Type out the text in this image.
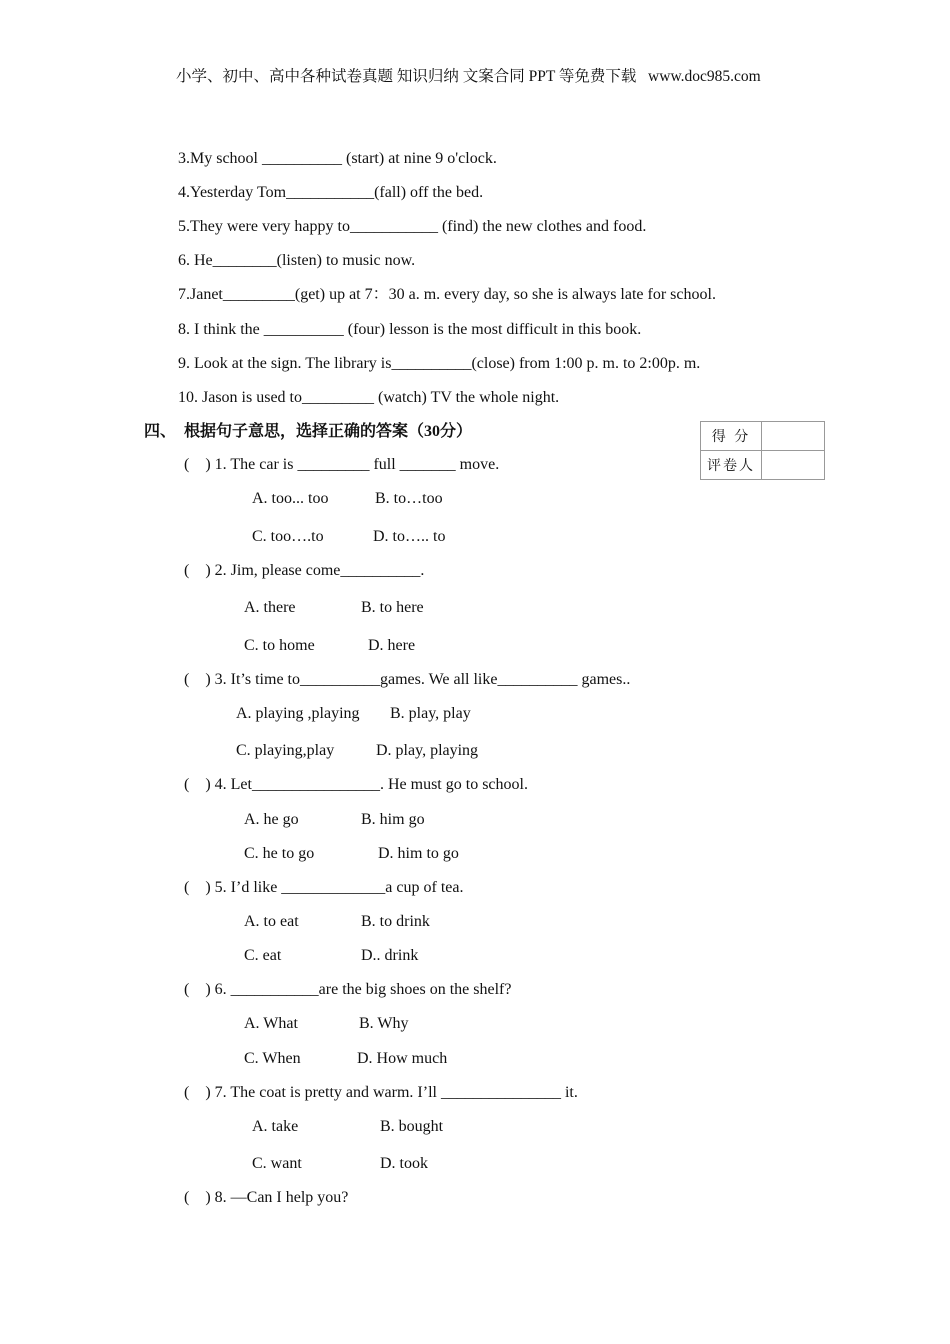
小学、初中、高中各种试卷真题 知识归纳 文案合同 PPT 等免费下载   www.doc985.com
3.My school __________ (start) at nine 9 o'clock.
4.Yesterday Tom___________(fall) off the bed.
5.They were very happy to___________ (find) the new clothes and food.
6. He________(listen) to music now.
7.Janet_________(get) up at 7：30 a. m. every day, so she is always late for school.
8. I think the __________ (four) lesson is the most difficult in this book.
9. Look at the sign. The library is__________(close) from 1:00 p. m. to 2:00p. m.
10. Jason is used to_________ (watch) TV the whole night.
四、 根据句子意思，选择正确的答案（30分）	得 分	
评卷人	
(    ) 1. The car is _________ full _______ move.
A. too... too	B. to…too
C. too….to	D. to….. to
(    ) 2. Jim, please come__________.
A. there	B. to here
C. to home	D. here
(    ) 3. It’s time to__________games. We all like__________ games..
A. playing ,playing B. play, play
C. playing,play	D. play, playing
(    ) 4. Let________________. He must go to school.
A. he go	B. him go
C. he to go	D. him to go
(    ) 5. I’d like _____________a cup of tea.
A. to eat	B. to drink
C. eat	D.. drink
(    ) 6. ___________are the big shoes on the shelf?
A. What	B. Why
C. When	D. How much
(    ) 7. The coat is pretty and warm. I’ll _______________ it.
A. take	B. bought
C. want	D. took
(    ) 8. —Can I help you?
